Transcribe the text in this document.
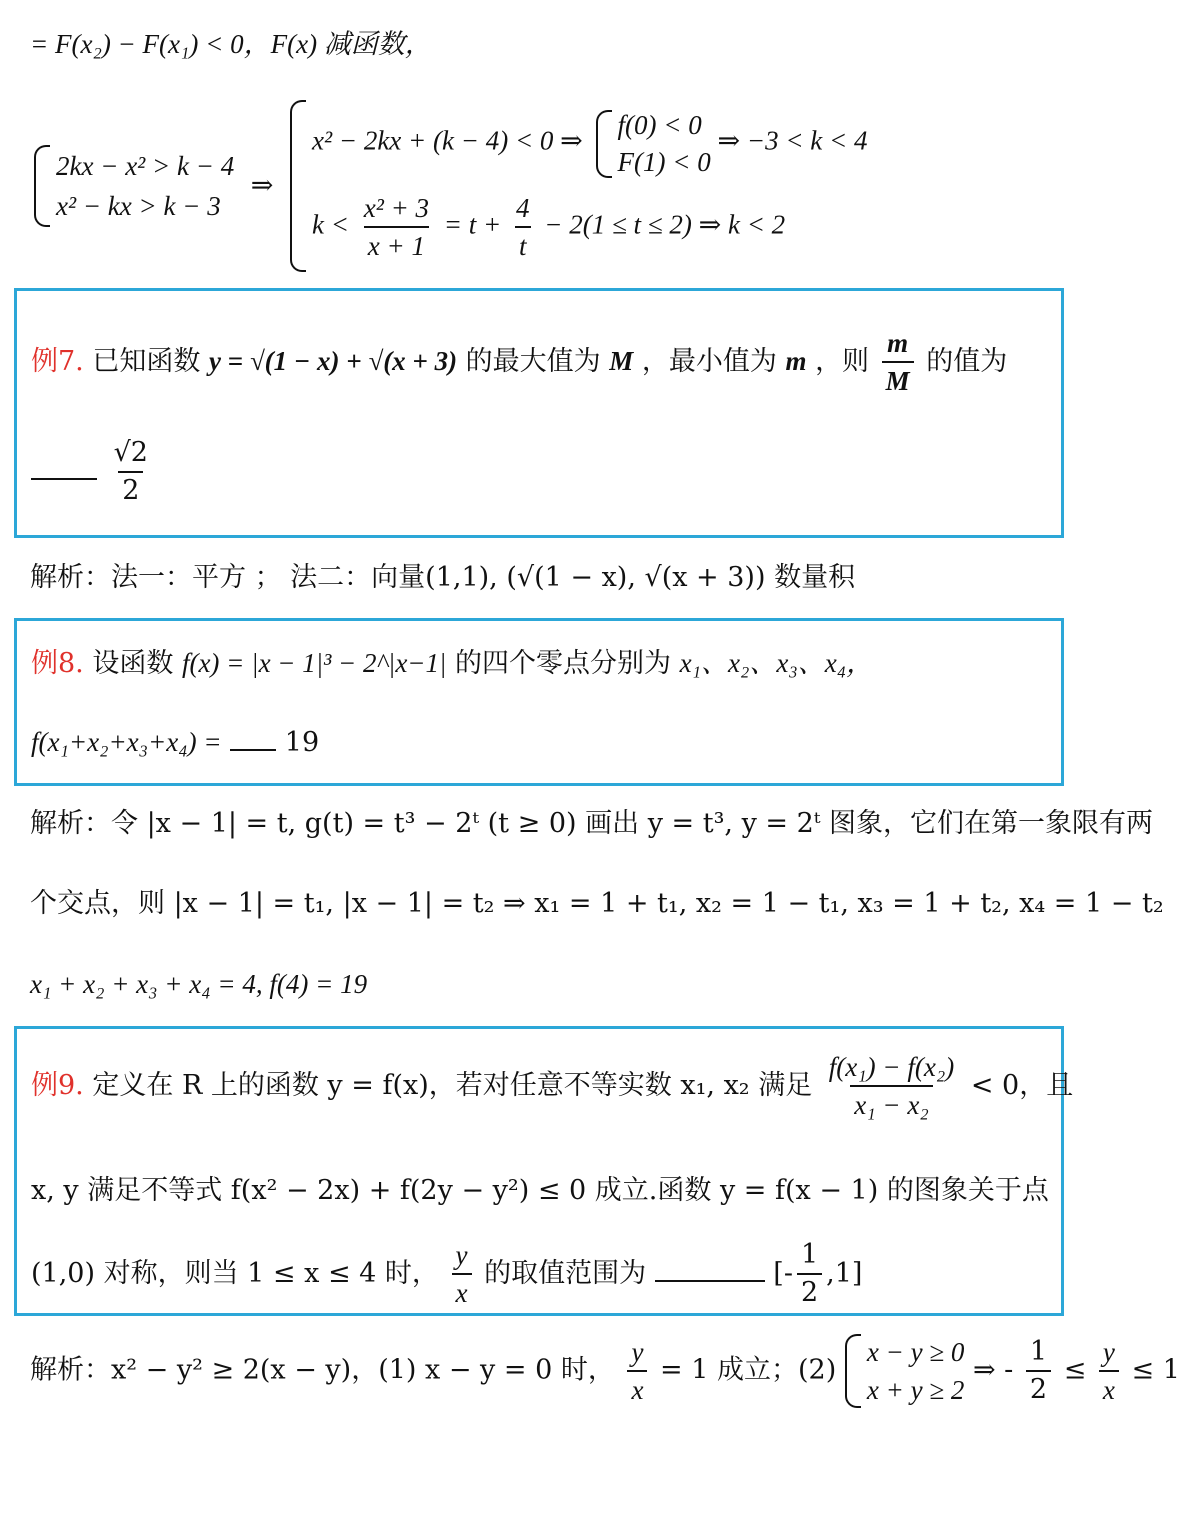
= F(x₂) − F(x₁) < 0，F(x) 减函数，
2kx − x² > k − 4
x² − kx > k − 3
⇒
x² − 2kx + (k − 4) < 0 ⇒
f(0) < 0
F(1) < 0
⇒ −3 < k < 4
$k < \frac{\text{x² + 3}}{x + 1} = t + \frac{4}{t} - 2(1 \le t \le 2)$ ⇒ k < 2
例7. 已知函数 y = √(1 − x) + √(x + 3) 的最大值为 M ，最小值为 m ，则 $\frac{m}{M}$ 的值为

$\frac{√2}{2}$
解析：法一：平方 ； 法二：向量(1,1), (√(1 − x), √(x + 3)) 数量积
例8. 设函数 f(x) = |x − 1|³ − 2^|x−1| 的四个零点分别为 x₁、x₂、x₃、x₄，
f(x₁+x₂+x₃+x₄) = 19
解析：令 |x − 1| = t, g(t) = t³ − 2ᵗ (t ≥ 0) 画出 y = t³, y = 2ᵗ 图象，它们在第一象限有两
个交点，则 |x − 1| = t₁, |x − 1| = t₂ ⇒ x₁ = 1 + t₁, x₂ = 1 − t₁, x₃ = 1 + t₂, x₄ = 1 − t₂
x₁ + x₂ + x₃ + x₄ = 4, f(4) = 19
例9. 定义在 R 上的函数 y = f(x)，若对任意不等实数 x₁, x₂ 满足 $\frac{\text{f(x₁) − f(x₂)}}{\text{x₁ − x₂}} < 0$，且
x, y 满足不等式 f(x² − 2x) + f(2y − y²) ≤ 0 成立.函数 y = f(x − 1) 的图象关于点
(1,0) 对称，则当 1 ≤ x ≤ 4 时， $\frac{y}{x}$ 的取值范围为	[- $\frac{1}{2} ,1$]
解析：x² − y² ≥ 2(x − y)，(1) x − y = 0 时， $\frac{y}{x} = 1$ 成立；(2)
x − y ≥ 0
x + y ≥ 2
⇒ - $\frac{1}{2} \le \frac{y}{x} \le 1$
